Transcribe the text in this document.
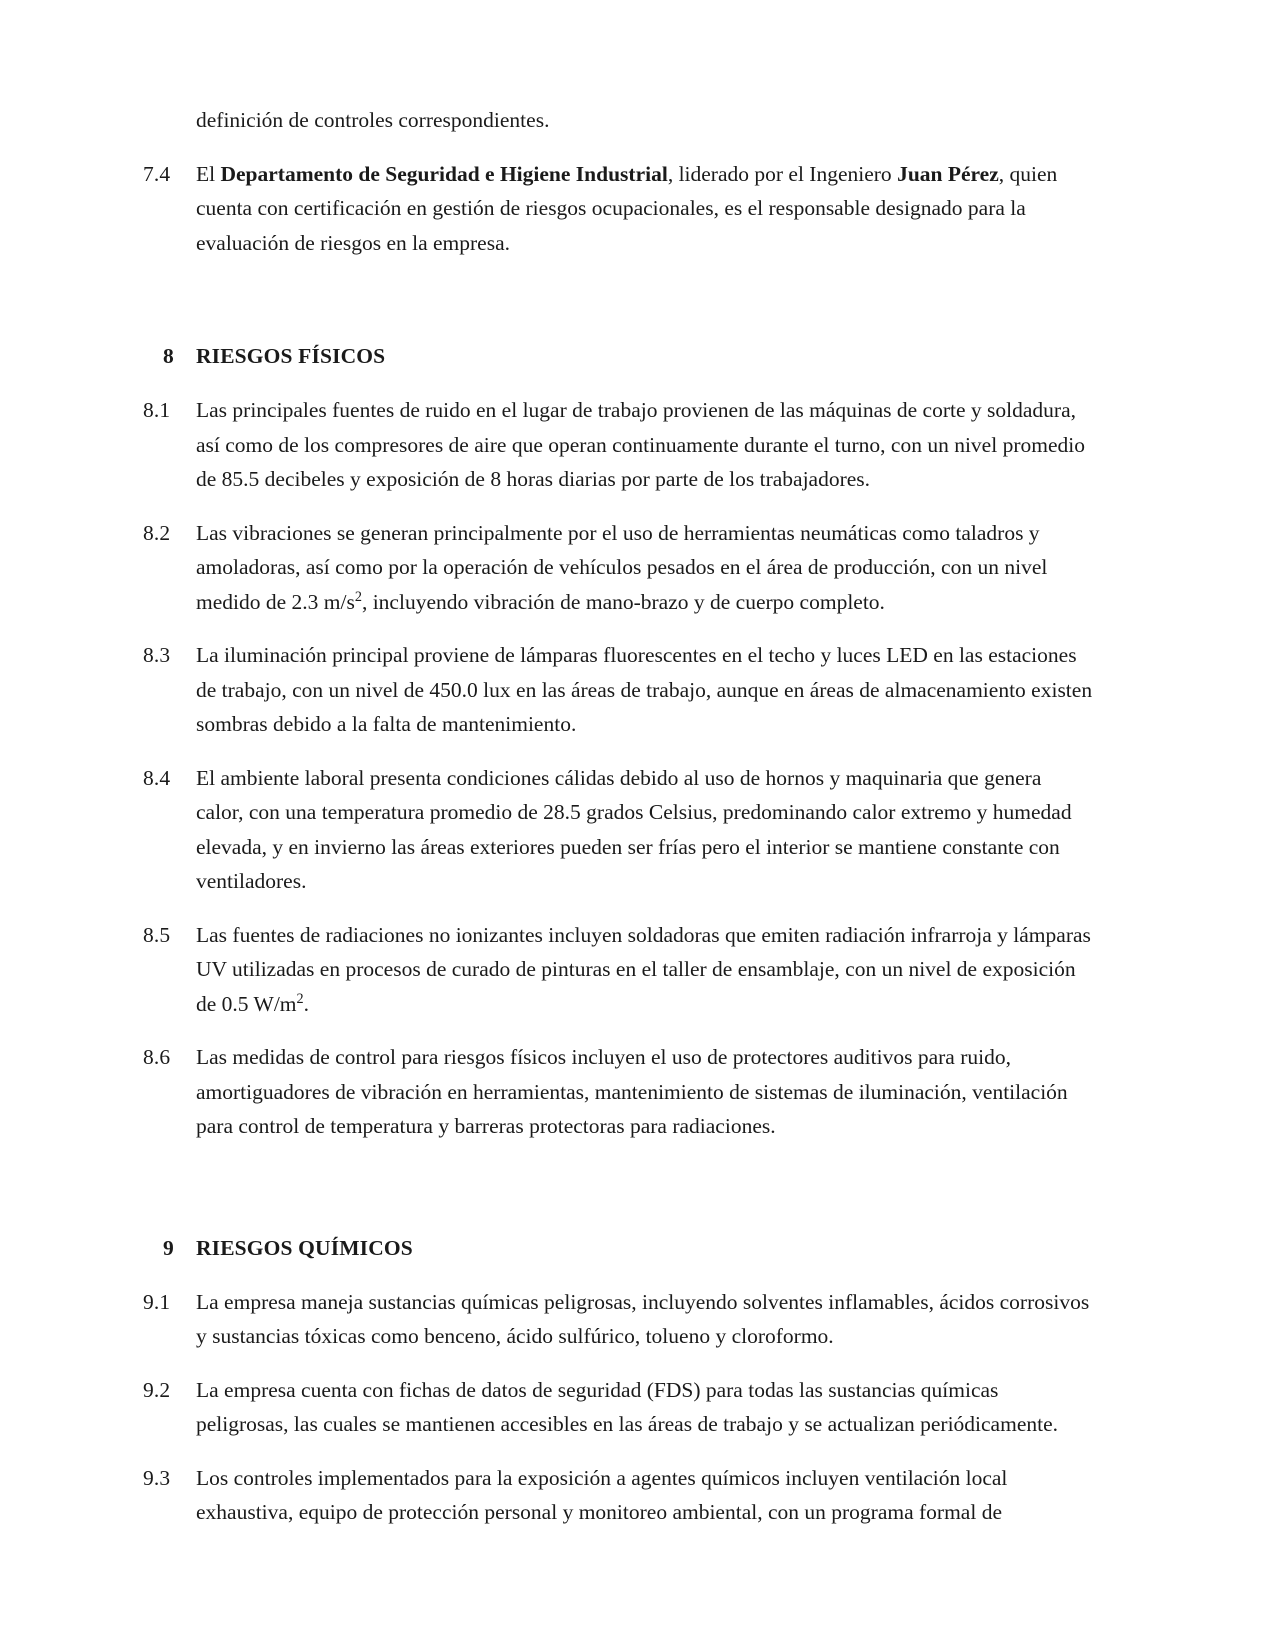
definición de controles correspondientes.
7.4	El Departamento de Seguridad e Higiene Industrial, liderado por el Ingeniero Juan Pérez, quien cuenta con certificación en gestión de riesgos ocupacionales, es el responsable designado para la evaluación de riesgos en la empresa.
8	RIESGOS FÍSICOS
8.1	Las principales fuentes de ruido en el lugar de trabajo provienen de las máquinas de corte y soldadura, así como de los compresores de aire que operan continuamente durante el turno, con un nivel promedio de 85.5 decibeles y exposición de 8 horas diarias por parte de los trabajadores.
8.2	Las vibraciones se generan principalmente por el uso de herramientas neumáticas como taladros y amoladoras, así como por la operación de vehículos pesados en el área de producción, con un nivel medido de 2.3 $m/s^2$, incluyendo vibración de mano-brazo y de cuerpo completo.
8.3	La iluminación principal proviene de lámparas fluorescentes en el techo y luces LED en las estaciones de trabajo, con un nivel de 450.0 lux en las áreas de trabajo, aunque en áreas de almacenamiento existen sombras debido a la falta de mantenimiento.
8.4	El ambiente laboral presenta condiciones cálidas debido al uso de hornos y maquinaria que genera calor, con una temperatura promedio de 28.5 grados Celsius, predominando calor extremo y humedad elevada, y en invierno las áreas exteriores pueden ser frías pero el interior se mantiene constante con ventiladores.
8.5	Las fuentes de radiaciones no ionizantes incluyen soldadoras que emiten radiación infrarroja y lámparas UV utilizadas en procesos de curado de pinturas en el taller de ensamblaje, con un nivel de exposición de 0.5 $W/m^2$.
8.6	Las medidas de control para riesgos físicos incluyen el uso de protectores auditivos para ruido, amortiguadores de vibración en herramientas, mantenimiento de sistemas de iluminación, ventilación para control de temperatura y barreras protectoras para radiaciones.
9	RIESGOS QUÍMICOS
9.1	La empresa maneja sustancias químicas peligrosas, incluyendo solventes inflamables, ácidos corrosivos y sustancias tóxicas como benceno, ácido sulfúrico, tolueno y cloroformo.
9.2	La empresa cuenta con fichas de datos de seguridad (FDS) para todas las sustancias químicas peligrosas, las cuales se mantienen accesibles en las áreas de trabajo y se actualizan periódicamente.
9.3	Los controles implementados para la exposición a agentes químicos incluyen ventilación local exhaustiva, equipo de protección personal y monitoreo ambiental, con un programa formal de
